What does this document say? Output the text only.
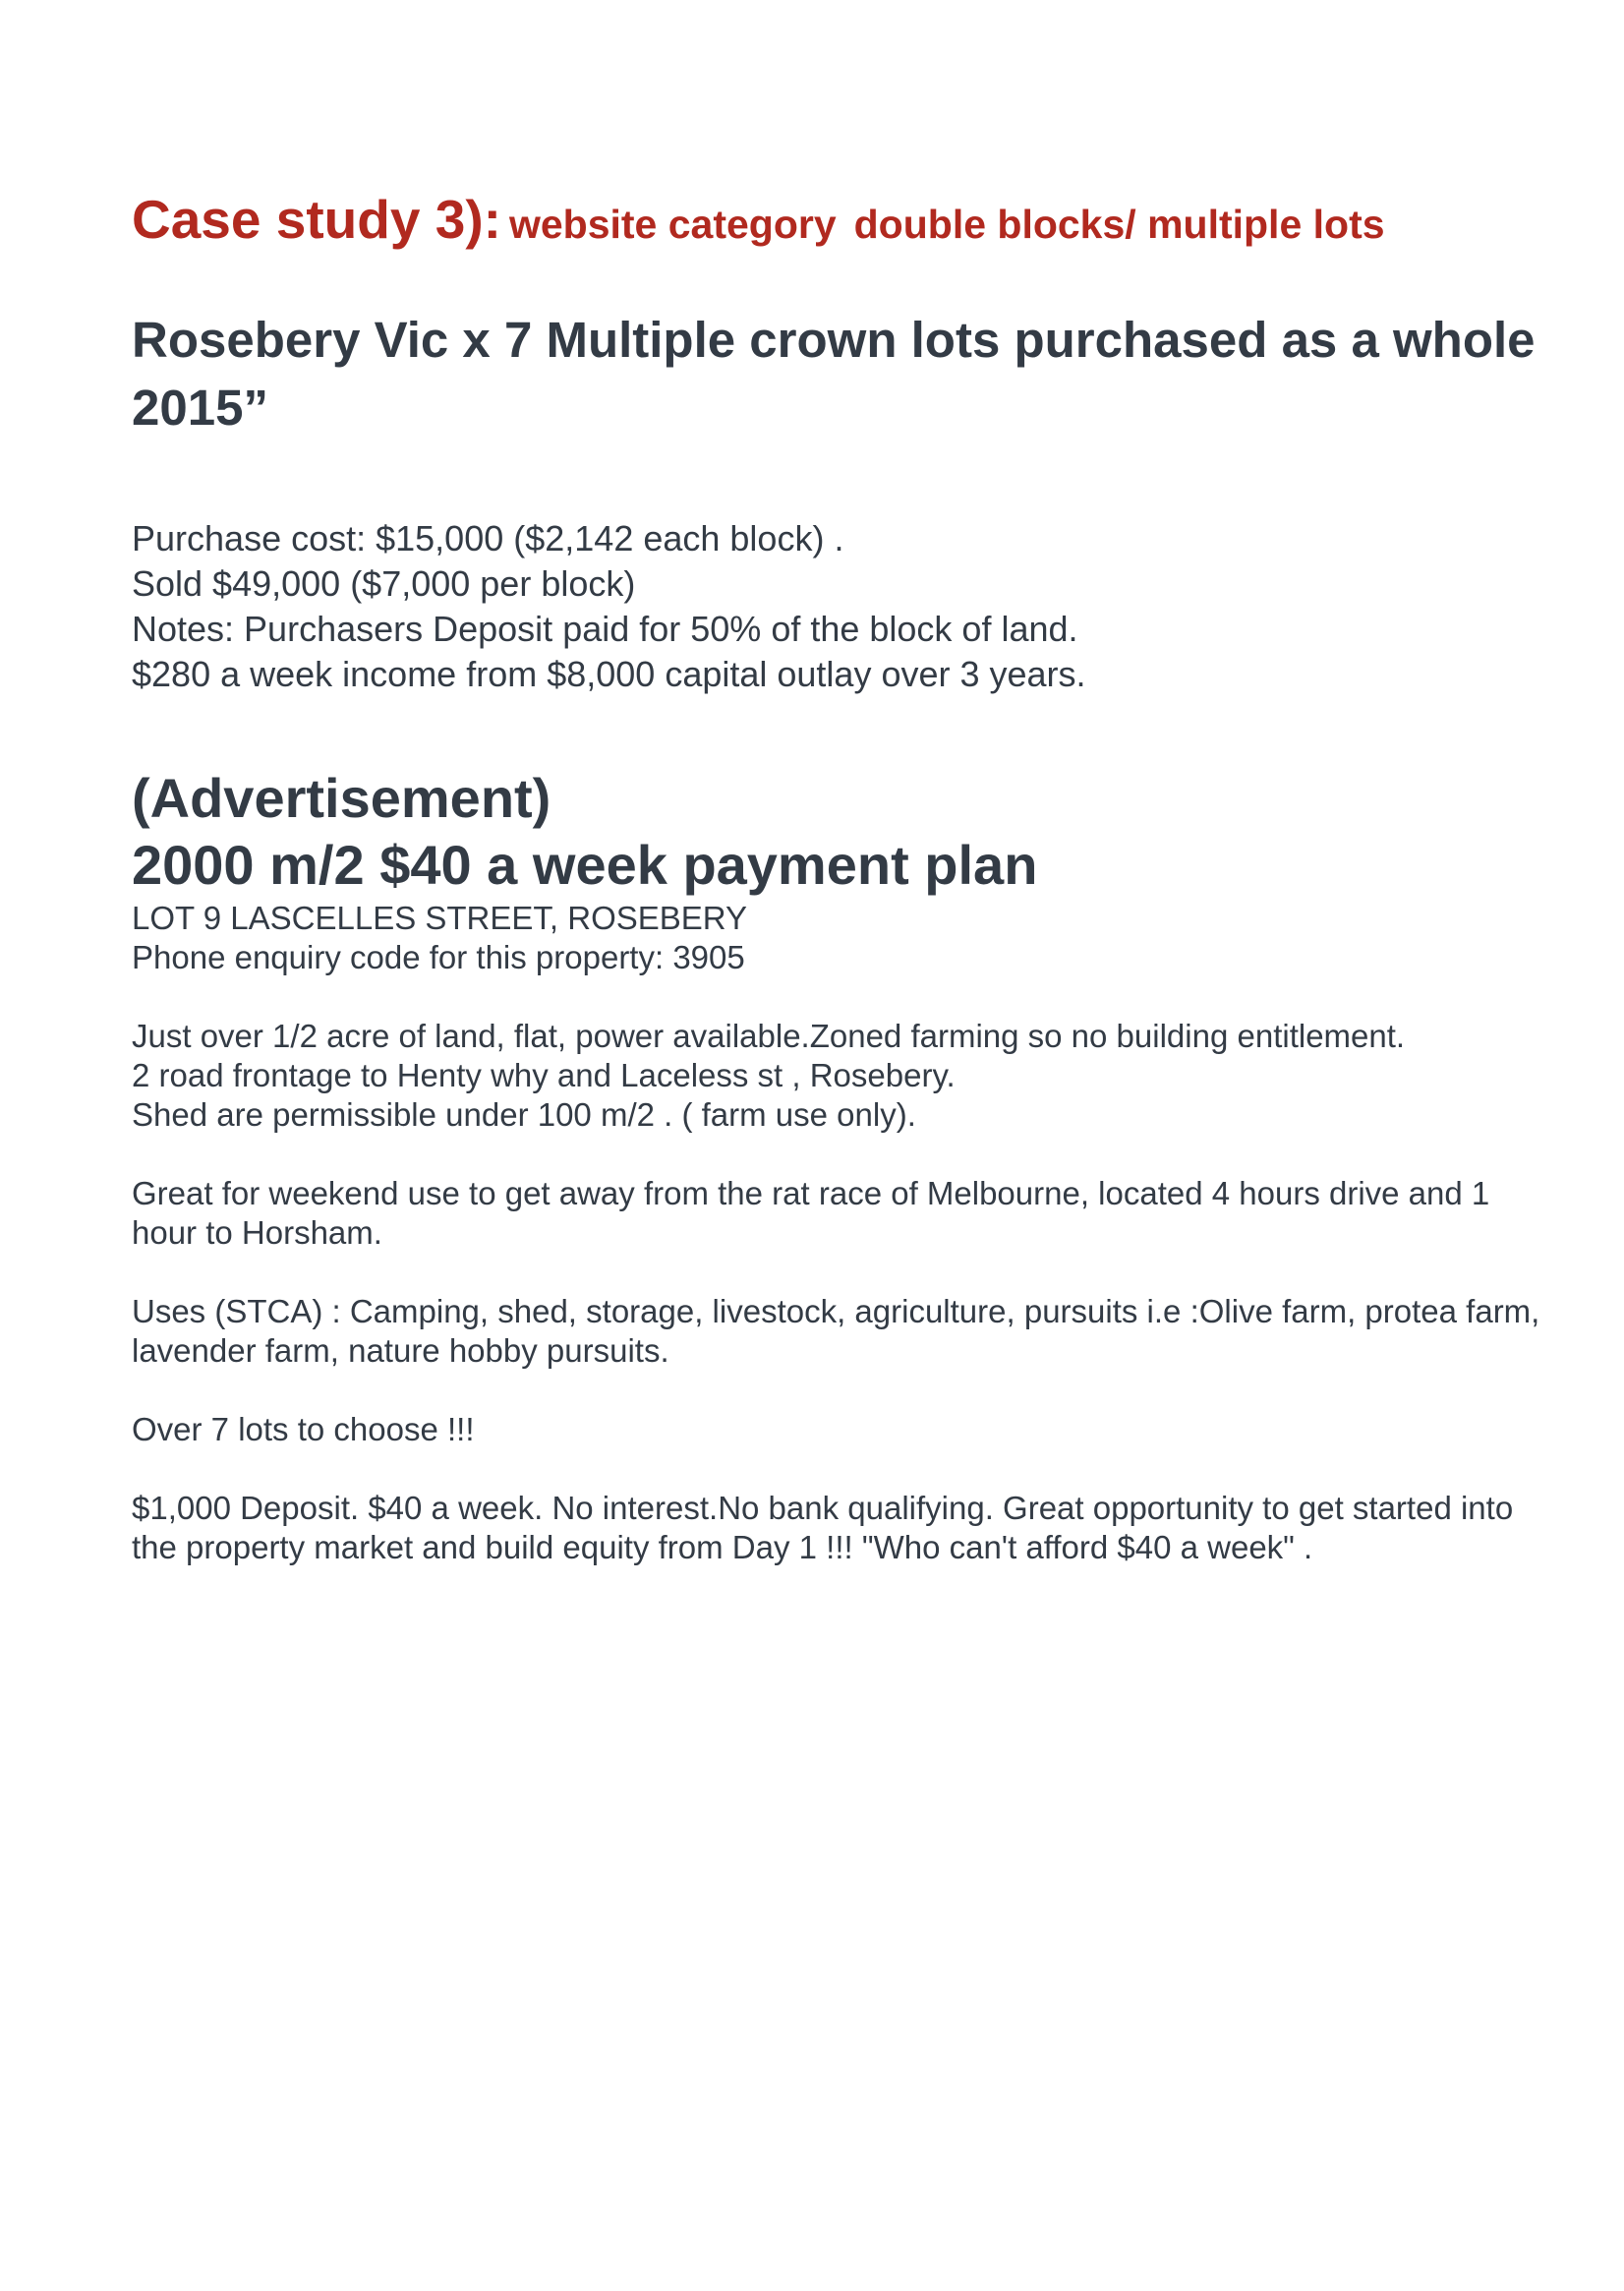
Case study 3): website category double blocks/ multiple lots
Rosebery Vic x 7 Multiple crown lots purchased as a whole 2015”
Purchase cost: $15,000 ($2,142 each block) .
Sold $49,000 ($7,000 per block)
Notes: Purchasers Deposit paid for 50% of the block of land.
$280 a week income from $8,000 capital outlay over 3 years.
(Advertisement)
2000 m/2 $40 a week payment plan
LOT 9 LASCELLES STREET, ROSEBERY
Phone enquiry code for this property: 3905
Just over 1/2 acre of land, flat, power available.Zoned farming so no building entitlement.
2 road frontage to Henty why and Laceless st , Rosebery.
Shed are permissible under 100 m/2 . ( farm use only).
Great for weekend use to get away from the rat race of Melbourne, located 4 hours drive and 1 hour to Horsham.
Uses (STCA) : Camping, shed, storage, livestock, agriculture, pursuits i.e :Olive farm, protea farm, lavender farm, nature hobby pursuits.
Over 7 lots to choose !!!
$1,000 Deposit. $40 a week. No interest.No bank qualifying. Great opportunity to get started into the property market and build equity from Day 1 !!! "Who can't afford $40 a week" .
